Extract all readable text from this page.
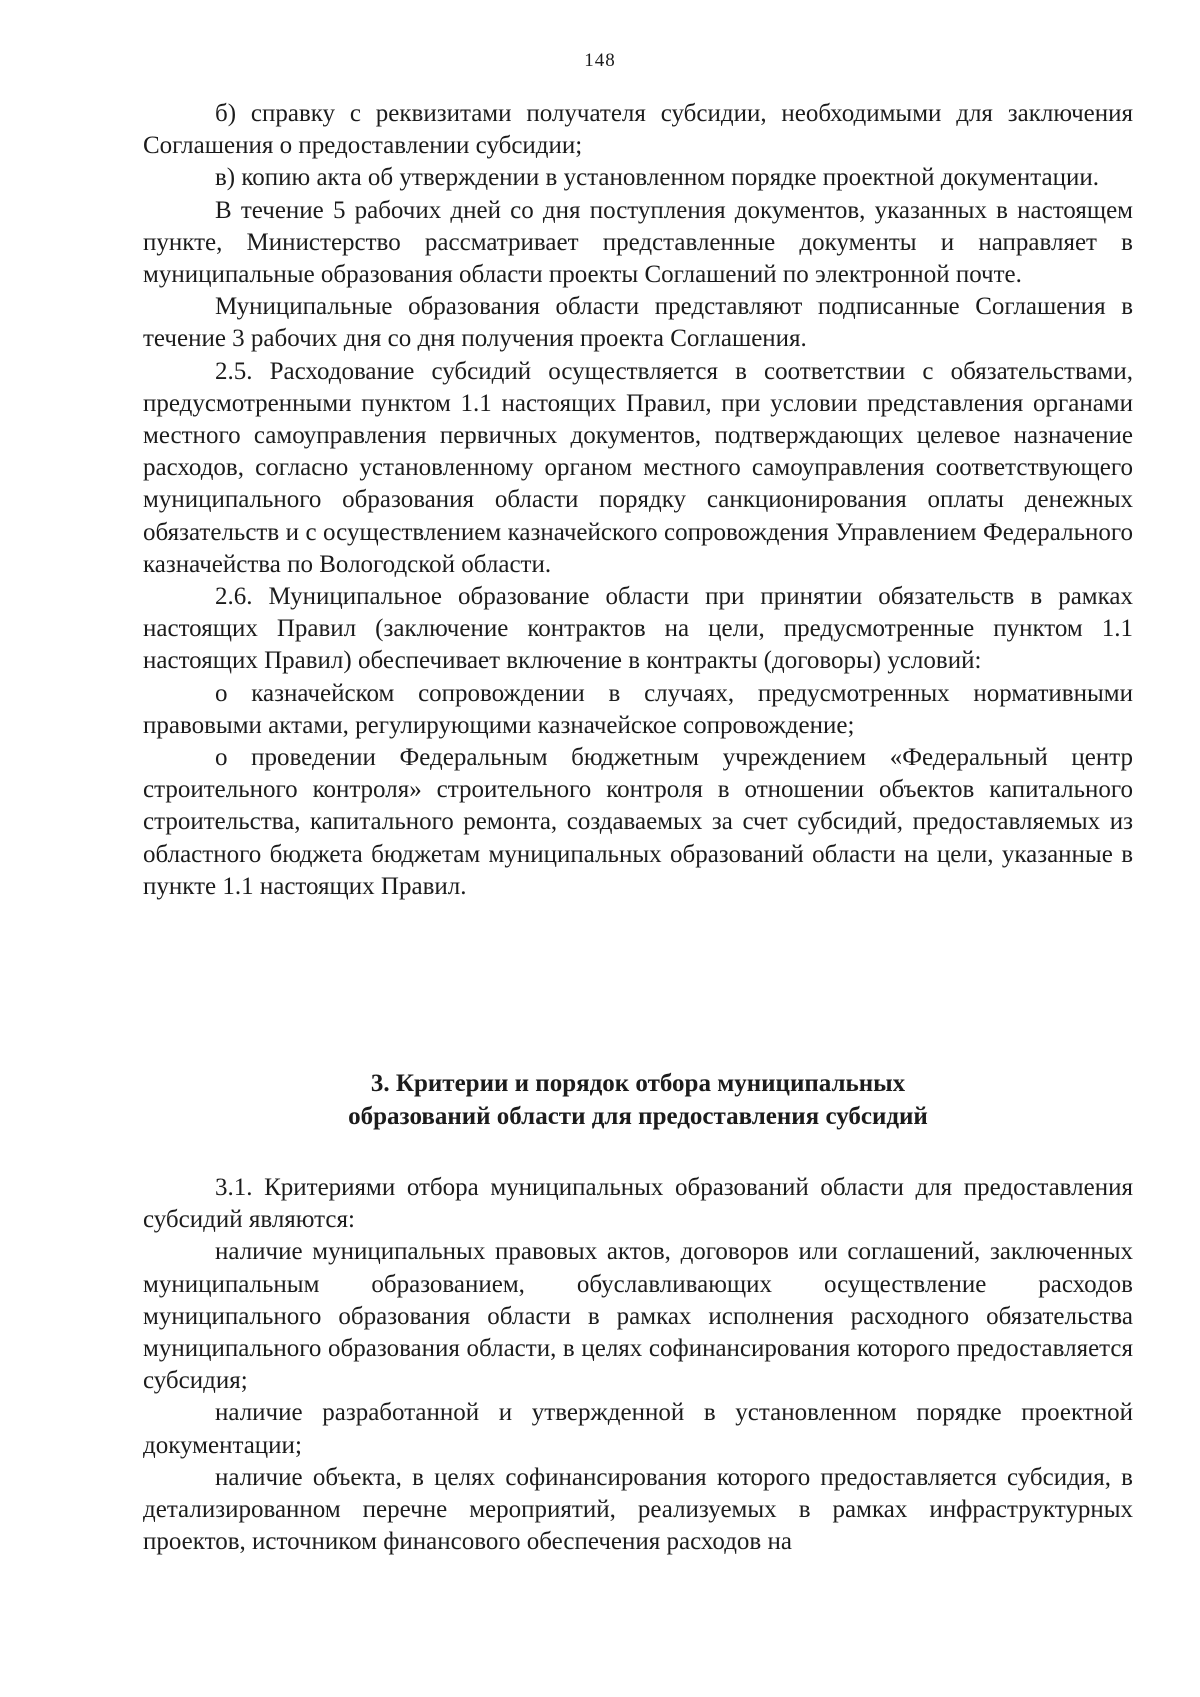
148

б) справку с реквизитами получателя субсидии, необходимыми для заключения Соглашения о предоставлении субсидии;

в) копию акта об утверждении в установленном порядке проектной документации.

В течение 5 рабочих дней со дня поступления документов, указанных в настоящем пункте, Министерство рассматривает представленные документы и направляет в муниципальные образования области проекты Соглашений по электронной почте.

Муниципальные образования области представляют подписанные Соглашения в течение 3 рабочих дня со дня получения проекта Соглашения.

2.5. Расходование субсидий осуществляется в соответствии с обязательствами, предусмотренными пунктом 1.1 настоящих Правил, при условии представления органами местного самоуправления первичных документов, подтверждающих целевое назначение расходов, согласно установленному органом местного самоуправления соответствующего муниципального образования области порядку санкционирования оплаты денежных обязательств и с осуществлением казначейского сопровождения Управлением Федерального казначейства по Вологодской области.

2.6. Муниципальное образование области при принятии обязательств в рамках настоящих Правил (заключение контрактов на цели, предусмотренные пунктом 1.1 настоящих Правил) обеспечивает включение в контракты (договоры) условий:

о казначейском сопровождении в случаях, предусмотренных нормативными правовыми актами, регулирующими казначейское сопровождение;

о проведении Федеральным бюджетным учреждением «Федеральный центр строительного контроля» строительного контроля в отношении объектов капитального строительства, капитального ремонта, создаваемых за счет субсидий, предоставляемых из областного бюджета бюджетам муниципальных образований области на цели, указанные в пункте 1.1 настоящих Правил.

3. Критерии и порядок отбора муниципальных
образований области для предоставления субсидий

3.1. Критериями отбора муниципальных образований области для предоставления субсидий являются:

наличие муниципальных правовых актов, договоров или соглашений, заключенных муниципальным образованием, обуславливающих осуществление расходов муниципального образования области в рамках исполнения расходного обязательства муниципального образования области, в целях софинансирования которого предоставляется субсидия;

наличие разработанной и утвержденной в установленном порядке проектной документации;

наличие объекта, в целях софинансирования которого предоставляется субсидия, в детализированном перечне мероприятий, реализуемых в рамках инфраструктурных проектов, источником финансового обеспечения расходов на
